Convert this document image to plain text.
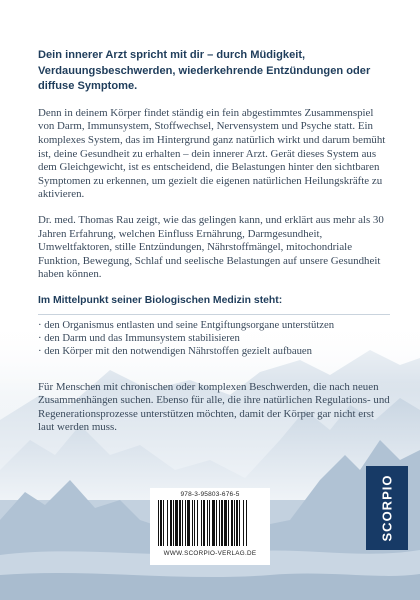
Dein innerer Arzt spricht mit dir – durch Müdigkeit, Verdauungsbeschwerden, wiederkehrende Entzündungen oder diffuse Symptome.

Denn in deinem Körper findet ständig ein fein abgestimmtes Zusammenspiel von Darm, Immunsystem, Stoffwechsel, Nervensystem und Psyche statt. Ein komplexes System, das im Hintergrund ganz natürlich wirkt und darum bemüht ist, deine Gesundheit zu erhalten – dein innerer Arzt. Gerät dieses System aus dem Gleichgewicht, ist es entscheidend, die Belastungen hinter den sichtbaren Symptomen zu erkennen, um gezielt die eigenen natürlichen Heilungskräfte zu aktivieren.

Dr. med. Thomas Rau zeigt, wie das gelingen kann, und erklärt aus mehr als 30 Jahren Erfahrung, welchen Einfluss Ernährung, Darmgesundheit, Umweltfaktoren, stille Entzündungen, Nährstoffmängel, mitochondriale Funktion, Bewegung, Schlaf und seelische Belastungen auf unsere Gesundheit haben können.

Im Mittelpunkt seiner Biologischen Medizin steht:

· den Organismus entlasten und seine Entgiftungsorgane unterstützen
· den Darm und das Immunsystem stabilisieren
· den Körper mit den notwendigen Nährstoffen gezielt aufbauen

Für Menschen mit chronischen oder komplexen Beschwerden, die nach neuen Zusammenhängen suchen. Ebenso für alle, die ihre natürlichen Regulations- und Regenerationsprozesse unterstützen möchten, damit der Körper gar nicht erst laut werden muss.

978-3-95803-676-5
WWW.SCORPIO-VERLAG.DE
SCORPIO
